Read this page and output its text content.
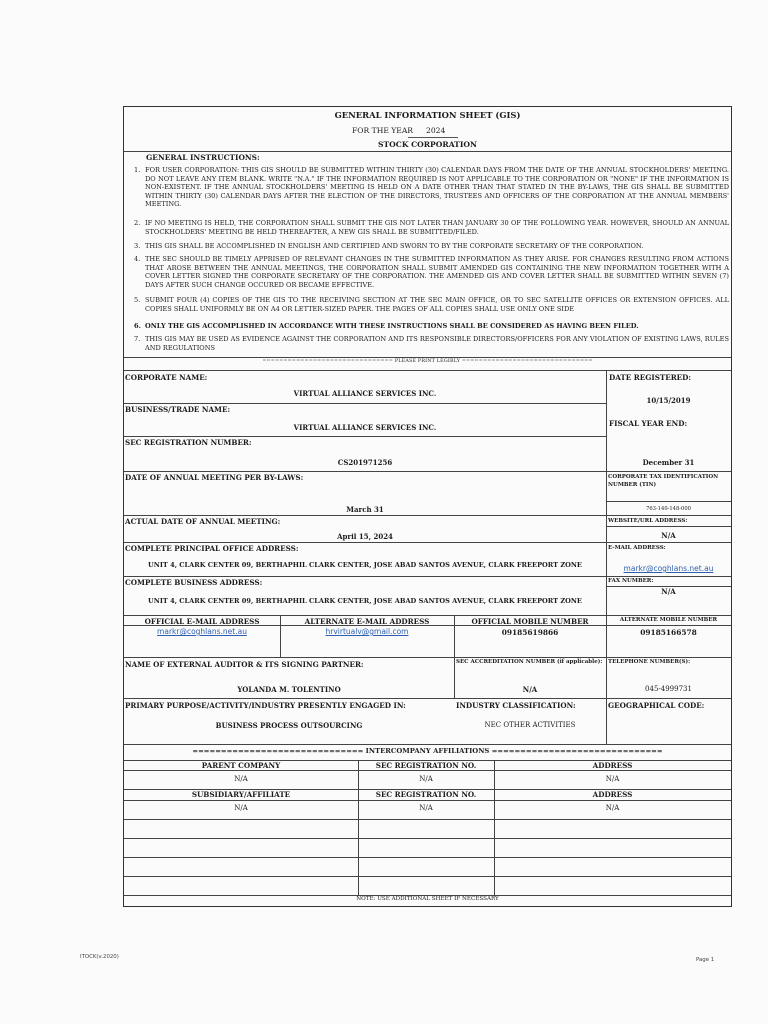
GENERAL INFORMATION SHEET (GIS)
FOR THE YEAR 2024
STOCK CORPORATION
GENERAL INSTRUCTIONS:
1. FOR USER CORPORATION: THIS GIS SHOULD BE SUBMITTED WITHIN THIRTY (30) CALENDAR DAYS FROM THE DATE OF THE ANNUAL STOCKHOLDERS' MEETING. DO NOT LEAVE ANY ITEM BLANK. WRITE "N.A." IF THE INFORMATION REQUIRED IS NOT APPLICABLE TO THE CORPORATION OR "NONE" IF THE INFORMATION IS NON-EXISTENT. IF THE ANNUAL STOCKHOLDERS' MEETING IS HELD ON A DATE OTHER THAN THAT STATED IN THE BY-LAWS, THE GIS SHALL BE SUBMITTED WITHIN THIRTY (30) CALENDAR DAYS AFTER THE ELECTION OF THE DIRECTORS, TRUSTEES AND OFFICERS OF THE CORPORATION AT THE ANNUAL MEMBERS' MEETING.
2. IF NO MEETING IS HELD, THE CORPORATION SHALL SUBMIT THE GIS NOT LATER THAN JANUARY 30 OF THE FOLLOWING YEAR. HOWEVER, SHOULD AN ANNUAL STOCKHOLDERS' MEETING BE HELD THEREAFTER, A NEW GIS SHALL BE SUBMITTED/FILED.
3. THIS GIS SHALL BE ACCOMPLISHED IN ENGLISH AND CERTIFIED AND SWORN TO BY THE CORPORATE SECRETARY OF THE CORPORATION.
4. THE SEC SHOULD BE TIMELY APPRISED OF RELEVANT CHANGES IN THE SUBMITTED INFORMATION AS THEY ARISE. FOR CHANGES RESULTING FROM ACTIONS THAT AROSE BETWEEN THE ANNUAL MEETINGS, THE CORPORATION SHALL SUBMIT AMENDED GIS CONTAINING THE NEW INFORMATION TOGETHER WITH A COVER LETTER SIGNED THE CORPORATE SECRETARY OF THE CORPORATION. THE AMENDED GIS AND COVER LETTER SHALL BE SUBMITTED WITHIN SEVEN (7) DAYS AFTER SUCH CHANGE OCCURED OR BECAME EFFECTIVE.
5. SUBMIT FOUR (4) COPIES OF THE GIS TO THE RECEIVING SECTION AT THE SEC MAIN OFFICE, OR TO SEC SATELLITE OFFICES OR EXTENSION OFFICES. ALL COPIES SHALL UNIFORMLY BE ON A4 OR LETTER-SIZED PAPER. THE PAGES OF ALL COPIES SHALL USE ONLY ONE SIDE
6. ONLY THE GIS ACCOMPLISHED IN ACCORDANCE WITH THESE INSTRUCTIONS SHALL BE CONSIDERED AS HAVING BEEN FILED.
7. THIS GIS MAY BE USED AS EVIDENCE AGAINST THE CORPORATION AND ITS RESPONSIBLE DIRECTORS/OFFICERS FOR ANY VIOLATION OF EXISTING LAWS, RULES AND REGULATIONS
=============================== PLEASE PRINT LEGIBLY ===============================
CORPORATE NAME:
VIRTUAL ALLIANCE SERVICES INC.
DATE REGISTERED:
10/15/2019
BUSINESS/TRADE NAME:
VIRTUAL ALLIANCE SERVICES INC.	FISCAL YEAR END:
December 31
SEC REGISTRATION NUMBER:
CS201971256
DATE OF ANNUAL MEETING PER BY-LAWS:
March 31
CORPORATE TAX IDENTIFICATION NUMBER (TIN)
763-140-148-000
ACTUAL DATE OF ANNUAL MEETING:
April 15, 2024
WEBSITE/URL ADDRESS:
N/A
COMPLETE PRINCIPAL OFFICE ADDRESS:
UNIT 4, CLARK CENTER 09, BERTHAPHIL CLARK CENTER, JOSE ABAD SANTOS AVENUE, CLARK FREEPORT ZONE
E-MAIL ADDRESS:
markr@coghlans.net.au
COMPLETE BUSINESS ADDRESS:
UNIT 4, CLARK CENTER 09, BERTHAPHIL CLARK CENTER, JOSE ABAD SANTOS AVENUE, CLARK FREEPORT ZONE
FAX NUMBER:
N/A
OFFICIAL E-MAIL ADDRESS
markr@coghlans.net.au
ALTERNATE E-MAIL ADDRESS
hrvirtualv@gmail.com
OFFICIAL MOBILE NUMBER
09185619866
ALTERNATE MOBILE NUMBER
09185166578
NAME OF EXTERNAL AUDITOR & ITS SIGNING PARTNER:
YOLANDA M. TOLENTINO
SEC ACCREDITATION NUMBER (if applicable):
N/A
TELEPHONE NUMBER(S):
045-4999731
PRIMARY PURPOSE/ACTIVITY/INDUSTRY PRESENTLY ENGAGED IN:
BUSINESS PROCESS OUTSOURCING
INDUSTRY CLASSIFICATION:
NEC OTHER ACTIVITIES
GEOGRAPHICAL CODE:
============================== INTERCOMPANY AFFILIATIONS ==============================
PARENT COMPANY	SEC REGISTRATION NO.	ADDRESS
N/A	N/A	N/A
SUBSIDIARY/AFFILIATE	SEC REGISTRATION NO.	ADDRESS
N/A	N/A	N/A
NOTE: USE ADDITIONAL SHEET IF NECESSARY
ITOCK(v.2020)	Page 1
